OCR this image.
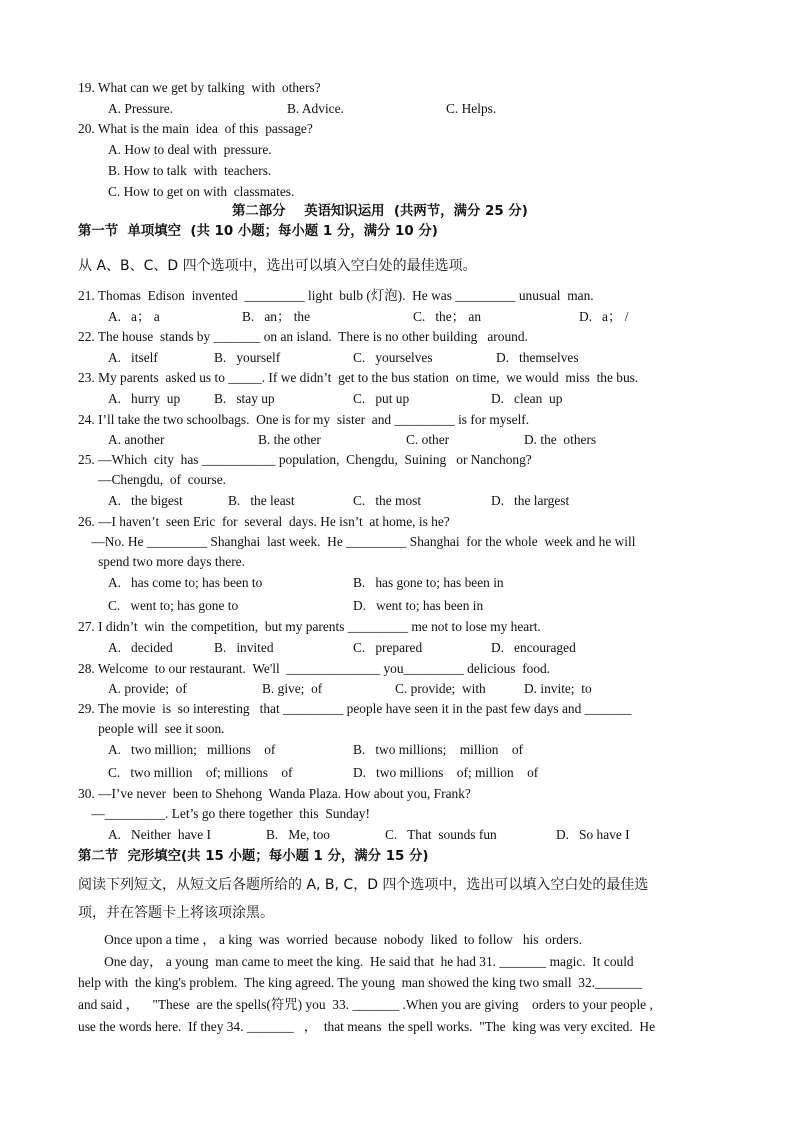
19. What can we get by talking  with  others?
A. Pressure.	B. Advice.	C. Helps.
20. What is the main  idea  of this  passage?
A. How to deal with  pressure.
B. How to talk  with  teachers.
C. How to get on with  classmates.
第二部分    英语知识运用  (共两节，满分 25 分)
第一节  单项填空  (共 10 小题；每小题 1 分，满分 10 分)
从 A、B、C、D 四个选项中，选出可以填入空白处的最佳选项。
21. Thomas  Edison  invented  _________ light  bulb (灯泡).  He was _________ unusual  man.
A.   a； a	B.   an； the	C.   the； an	D.   a； /
22. The house  stands by _______ on an island.  There is no other building   around.
A.   itself	B.   yourself	C.   yourselves	D.   themselves
23. My parents  asked us to _____. If we didn’t  get to the bus station  on time,  we would  miss  the bus.
A.   hurry  up	B.   stay up	C.   put up	D.   clean  up
24. I’ll take the two schoolbags.  One is for my  sister  and _________ is for myself.
A. another	B. the other	C. other	D. the  others
25. —Which  city  has ___________ population,  Chengdu,  Suining   or Nanchong?
—Chengdu,  of  course.
A.   the bigest	B.   the least	C.   the most	D.   the largest
26. —I haven’t  seen Eric  for  several  days. He isn’t  at home, is he?
—No. He _________ Shanghai  last week.  He _________ Shanghai  for the whole  week and he will
spend two more days there.
A.   has come to; has been to	B.   has gone to; has been in
C.   went to; has gone to	D.   went to; has been in
27. I didn’t  win  the competition,  but my parents _________ me not to lose my heart.
A.   decided	B.   invited	C.   prepared	D.   encouraged
28. Welcome  to our restaurant.  We'll  ______________ you_________ delicious  food.
A. provide;  of	B. give;  of	C. provide;  with	D. invite;  to
29. The movie  is  so interesting   that _________ people have seen it in the past few days and _______
people will  see it soon.
A.   two million;   millions    of	B.   two millions;    million    of
C.   two million    of; millions    of	D.   two millions    of; million    of
30. —I’ve never  been to Shehong  Wanda Plaza. How about you, Frank?
—_________. Let’s go there together  this  Sunday!
A.   Neither  have I	B.   Me, too	C.   That  sounds fun	D.   So have I
第二节  完形填空(共 15 小题；每小题 1 分，满分 15 分)
阅读下列短文，从短文后各题所给的 A, B, C，D 四个选项中，选出可以填入空白处的最佳选
项，并在答题卡上将该项涂黑。
Once upon a time ， a king  was  worried  because  nobody  liked  to follow   his  orders.
One day， a young  man came to meet the king.  He said that  he had 31. _______ magic.  It could
help with  the king's problem.  The king agreed. The young  man showed the king two small  32._______
and said ，    "These  are the spells(符咒) you  33. _______ .When you are giving    orders to your people ,
use the words here.  If they 34. _______   ，  that means  the spell works.  "The  king was very excited.  He
